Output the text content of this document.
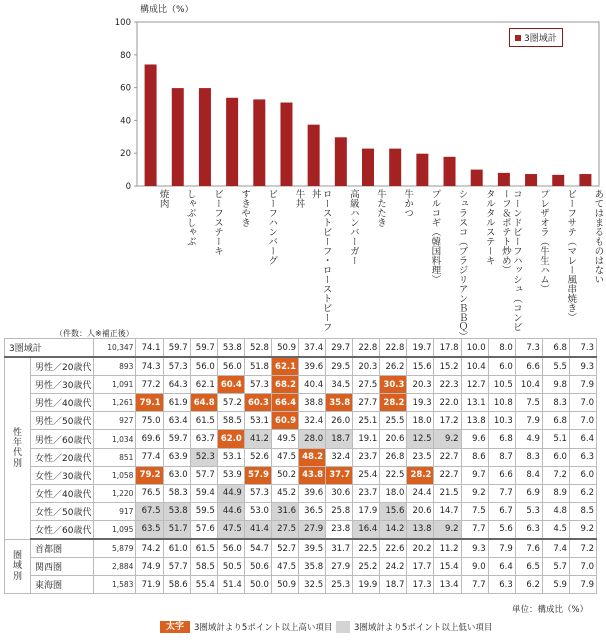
0
20
40
60
80
100
構成比（%）
焼肉	しゃぶしゃぶ	ビーフステーキ	すきやき	ビーフハンバーグ	牛丼	ローストビーフ・ローストビーフ丼	高級ハンバーガー	牛たたき	牛かつ	プルコギ（韓国料理）	シュラスコ（ブラジリアンＢＢＱ）	タルタルステーキ	コーンドビーフハッシュ（コンビーフ＆ポテト炒め）	プレザオラ（牛生ハム）	ビーフサテ（マレー風串焼き）	あてはまるものはない
（件数：人※補正後）
3圏域計
3圏域計		10,347	74.1	59.7	59.7	53.8	52.8	50.9	37.4	29.7	22.8	22.8	19.7	17.8	10.0	8.0	7.3	6.8	7.3
性
年
代
別	男性／20歳代	893	74.3	57.3	56.0	56.0	51.8	62.1	39.6	29.5	20.3	26.2	15.6	15.2	10.4	6.0	6.6	5.5	9.3
	男性／30歳代	1,091	77.2	64.3	62.1	60.4	57.3	68.2	40.4	34.5	27.5	30.3	20.3	22.3	12.7	10.5	10.4	9.8	7.9
	男性／40歳代	1,261	79.1	61.9	64.8	57.2	60.3	66.4	38.8	35.8	27.7	28.2	19.3	22.0	13.1	10.8	7.5	8.3	7.0
	男性／50歳代	927	75.0	63.4	61.5	58.5	53.1	60.9	32.4	26.0	25.1	25.5	18.0	17.2	13.8	10.3	7.9	6.8	7.0
	男性／60歳代	1,034	69.6	59.7	63.7	62.0	41.2	49.5	28.0	18.7	19.1	20.6	12.5	9.2	9.6	6.8	4.9	5.1	6.4
	女性／20歳代	851	77.4	63.9	52.3	53.1	52.6	47.5	48.2	32.4	23.7	26.8	23.5	22.7	8.6	8.7	8.3	6.0	6.3
	女性／30歳代	1,058	79.2	63.0	57.7	53.9	57.9	50.2	43.8	37.7	25.4	22.5	28.2	22.7	9.7	6.6	8.4	7.2	6.0
	女性／40歳代	1,220	76.5	58.3	59.4	44.9	57.3	45.2	39.6	30.6	23.7	18.0	24.4	21.5	9.2	7.7	6.9	8.9	6.2
	女性／50歳代	917	67.5	53.8	59.5	44.6	53.0	31.6	36.5	25.8	17.9	15.6	20.6	14.7	7.5	6.7	5.3	4.8	8.5
	女性／60歳代	1,095	63.5	51.7	57.6	47.5	41.4	27.5	27.9	23.8	16.4	14.2	13.8	9.2	7.7	5.6	6.3	4.5	9.2
圏
域
別	首都圏	5,879	74.2	61.0	61.5	56.0	54.7	52.7	39.5	31.7	22.5	22.6	20.2	11.2	9.3	7.9	7.6	7.4	7.2
	関西圏	2,884	74.9	57.7	58.5	50.5	50.6	47.5	35.8	27.9	25.2	24.2	17.7	15.4	9.0	6.4	6.5	5.7	7.0
	東海圏	1,583	71.9	58.6	55.4	51.4	50.0	50.9	32.5	25.3	19.9	18.7	17.3	13.4	7.7	6.3	6.2	5.9	7.9
単位：構成比（%）
太字	3圏域計より5ポイント以上高い項目	3圏域計より5ポイント以上低い項目
